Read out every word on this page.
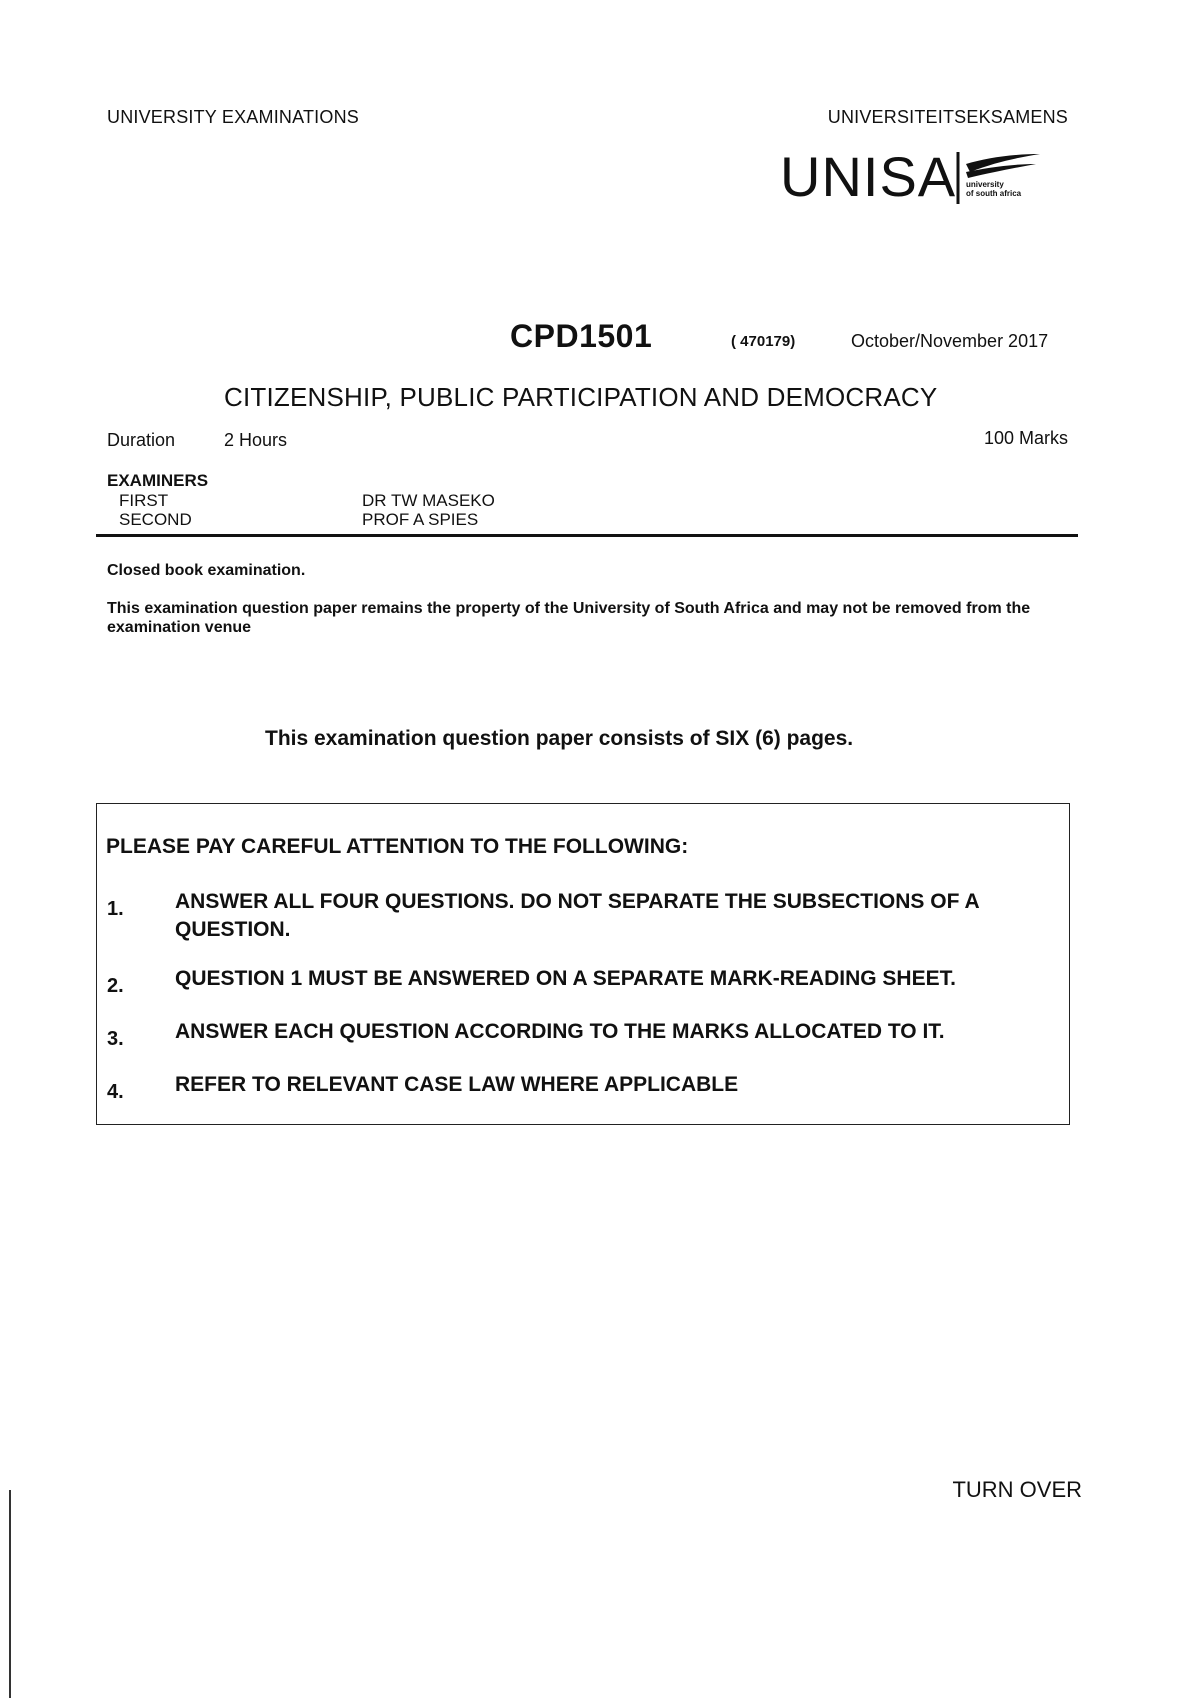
UNIVERSITY EXAMINATIONS	UNIVERSITEITSEKSAMENS
UNISA university
of south africa
CPD1501	( 470179)	October/November 2017
CITIZENSHIP, PUBLIC PARTICIPATION AND DEMOCRACY
Duration	2 Hours	100 Marks
EXAMINERS
FIRST	DR TW MASEKO
SECOND	PROF A SPIES
Closed book examination.
This examination question paper remains the property of the University of South Africa and may not be removed from the examination venue
This examination question paper consists of SIX (6) pages.
PLEASE PAY CAREFUL ATTENTION TO THE FOLLOWING:
1. ANSWER ALL FOUR QUESTIONS. DO NOT SEPARATE THE SUBSECTIONS OF A QUESTION.
2. QUESTION 1 MUST BE ANSWERED ON A SEPARATE MARK-READING SHEET.
3. ANSWER EACH QUESTION ACCORDING TO THE MARKS ALLOCATED TO IT.
4. REFER TO RELEVANT CASE LAW WHERE APPLICABLE
TURN OVER
